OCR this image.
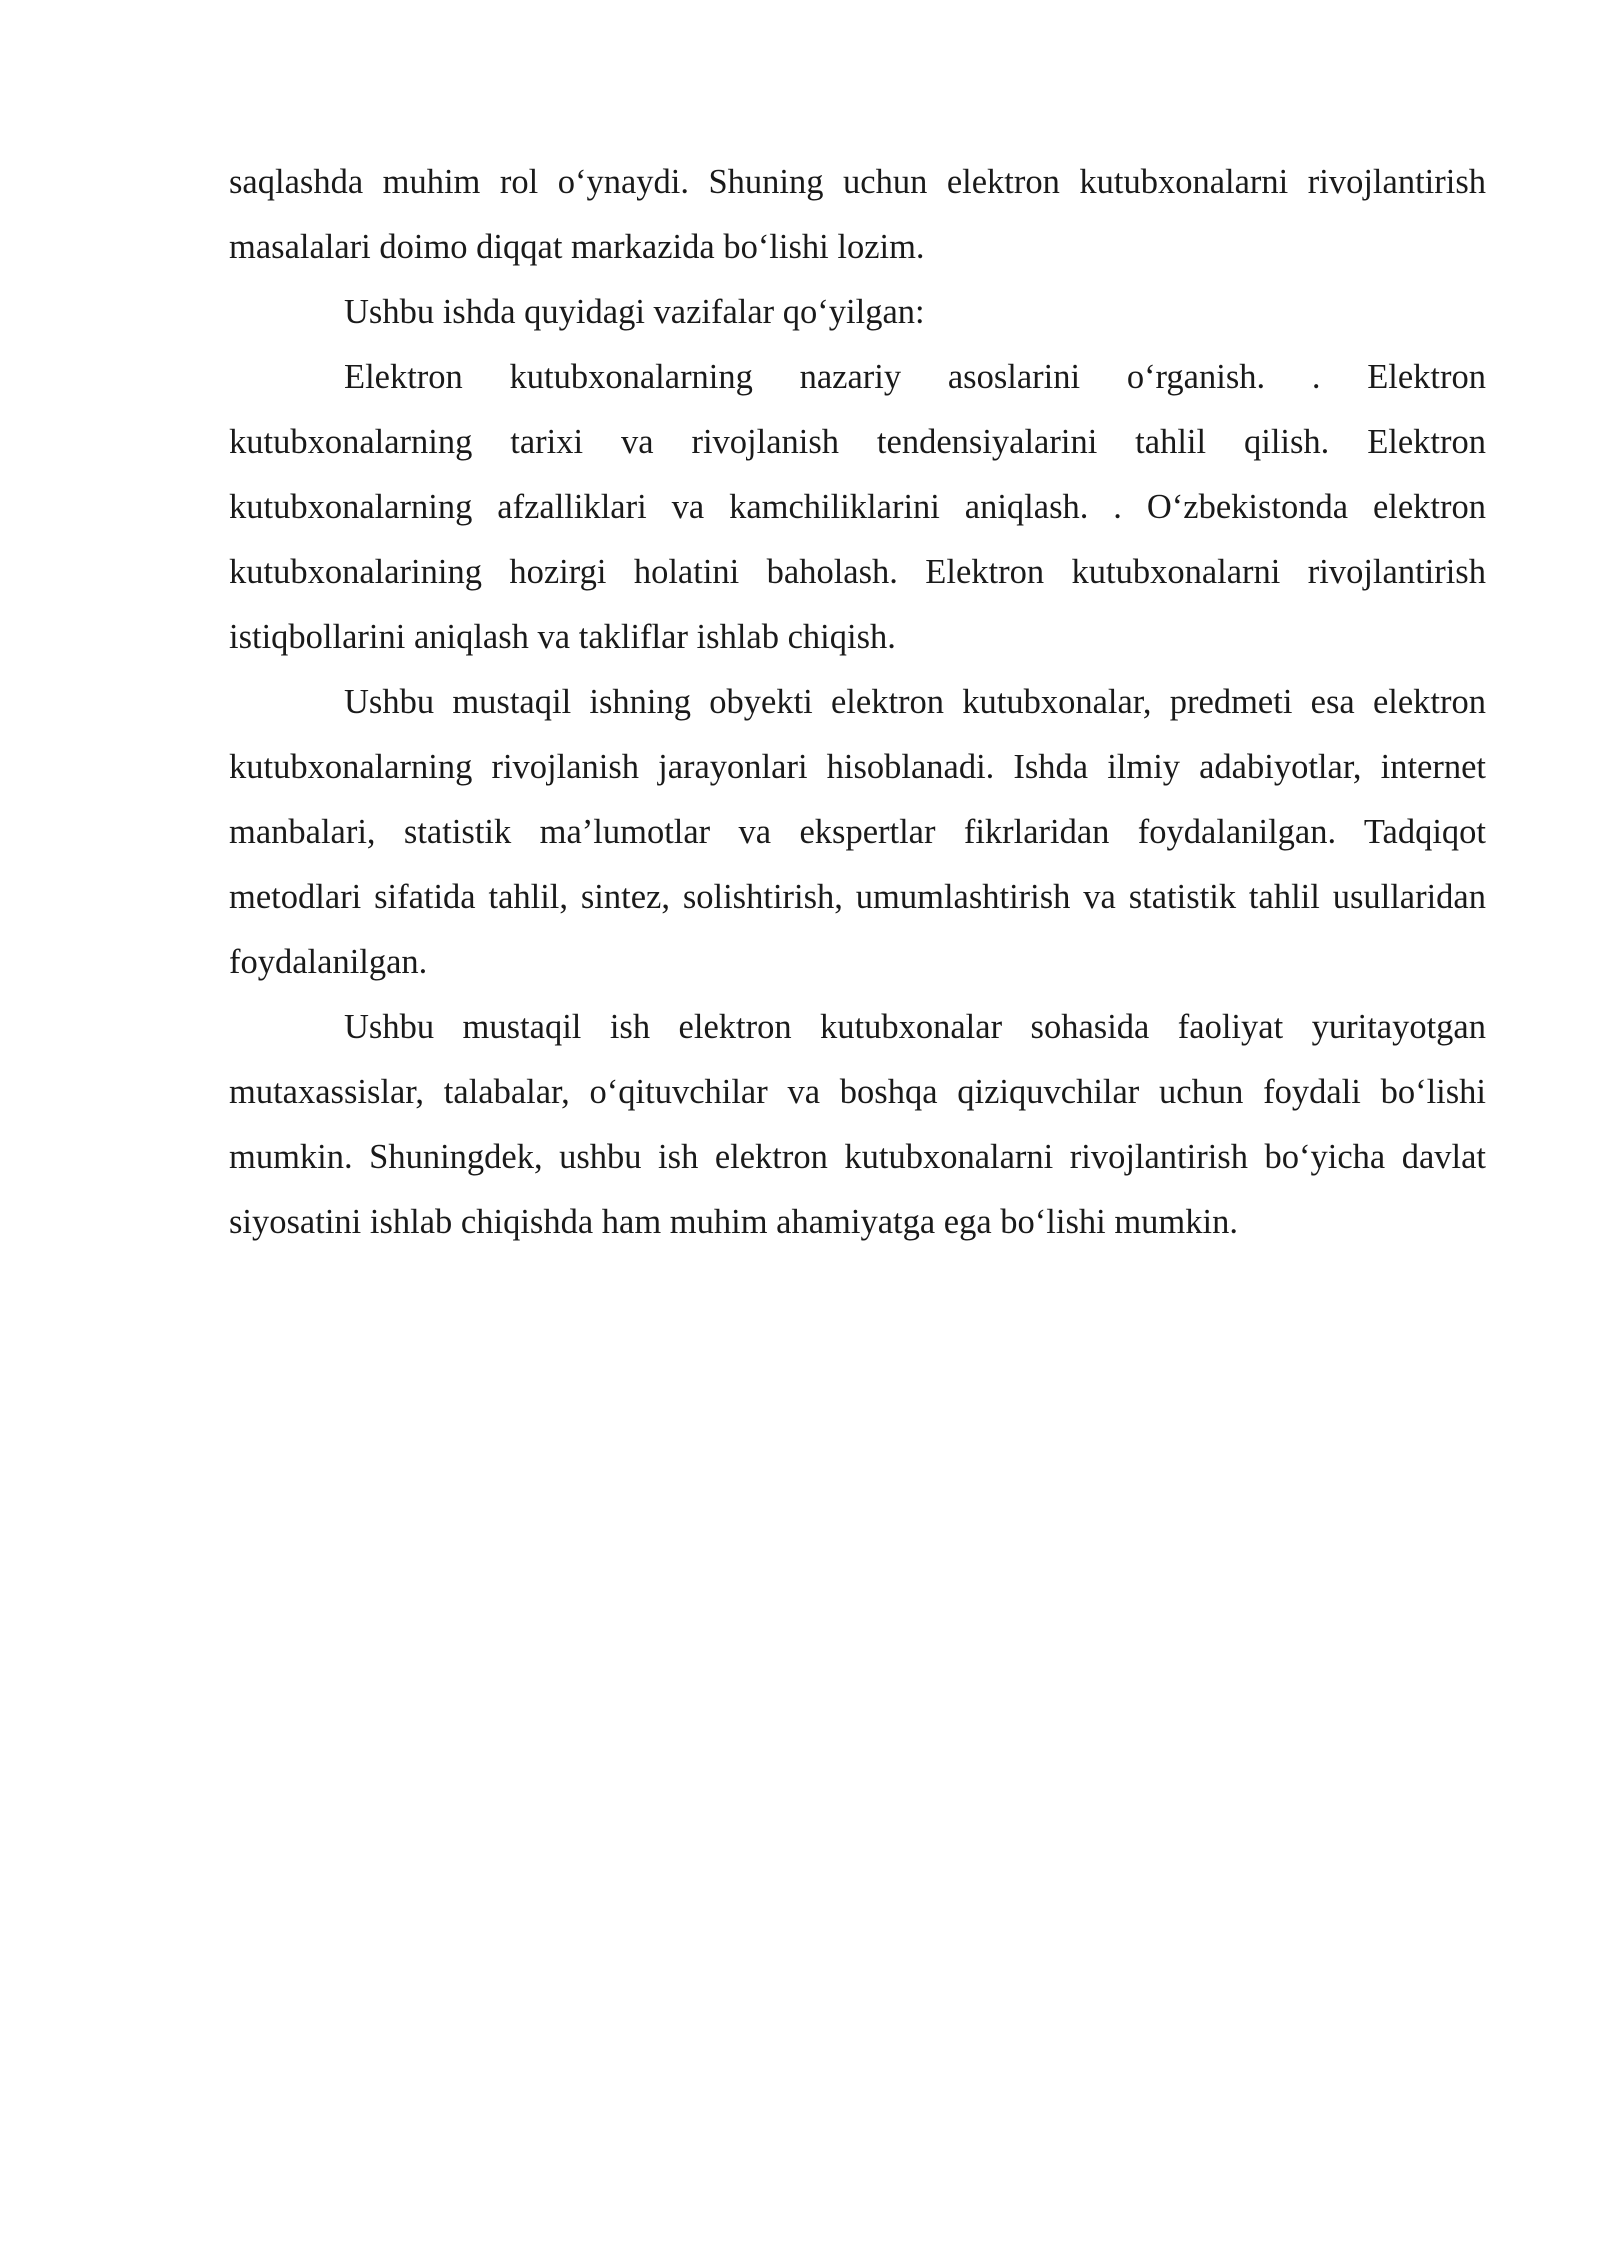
saqlashda muhim rol o‘ynaydi. Shuning uchun elektron kutubxonalarni rivojlantirish masalalari doimo diqqat markazida bo‘lishi lozim.

Ushbu ishda quyidagi vazifalar qo‘yilgan:

Elektron kutubxonalarning nazariy asoslarini o‘rganish. . Elektron kutubxonalarning tarixi va rivojlanish tendensiyalarini tahlil qilish. Elektron kutubxonalarning afzalliklari va kamchiliklarini aniqlash. . O‘zbekistonda elektron kutubxonalarining hozirgi holatini baholash. Elektron kutubxonalarni rivojlantirish istiqbollarini aniqlash va takliflar ishlab chiqish.

Ushbu mustaqil ishning obyekti elektron kutubxonalar, predmeti esa elektron kutubxonalarning rivojlanish jarayonlari hisoblanadi. Ishda ilmiy adabiyotlar, internet manbalari, statistik ma’lumotlar va ekspertlar fikrlaridan foydalanilgan. Tadqiqot metodlari sifatida tahlil, sintez, solishtirish, umumlashtirish va statistik tahlil usullaridan foydalanilgan.

Ushbu mustaqil ish elektron kutubxonalar sohasida faoliyat yuritayotgan mutaxassislar, talabalar, o‘qituvchilar va boshqa qiziquvchilar uchun foydali bo‘lishi mumkin. Shuningdek, ushbu ish elektron kutubxonalarni rivojlantirish bo‘yicha davlat siyosatini ishlab chiqishda ham muhim ahamiyatga ega bo‘lishi mumkin.
